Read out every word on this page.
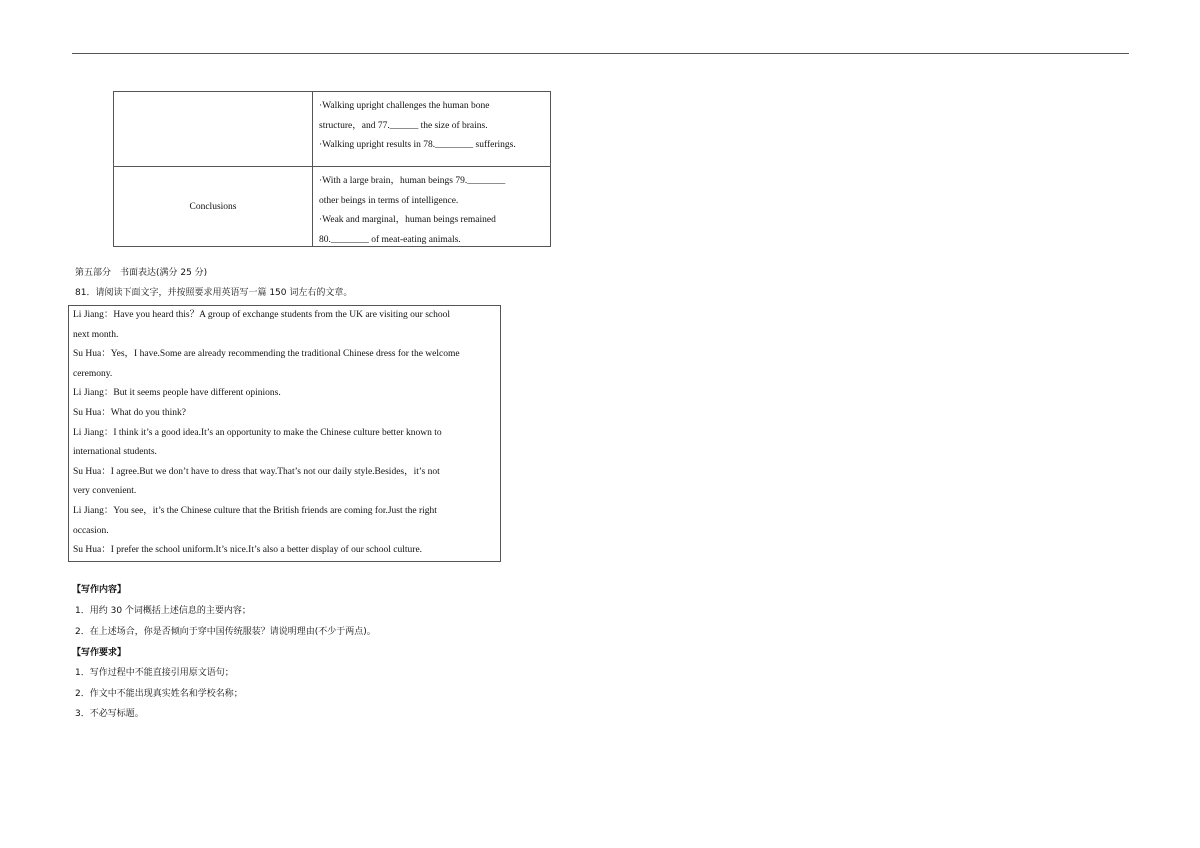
·Walking upright challenges the human bone
structure，and 77.______ the size of brains.
·Walking upright results in 78.________ sufferings.
Conclusions
·With a large brain，human beings 79.________
other beings in terms of intelligence.
·Weak and marginal，human beings remained
80.________ of meat-eating animals.
第五部分　书面表达(满分 25 分)
81．请阅读下面文字，并按照要求用英语写一篇 150 词左右的文章。
Li Jiang：Have you heard this？A group of exchange students from the UK are visiting our school
next month.
Su Hua：Yes，I have.Some are already recommending the traditional Chinese dress for the welcome
ceremony.
Li Jiang：But it seems people have different opinions.
Su Hua：What do you think?
Li Jiang：I think it’s a good idea.It’s an opportunity to make the Chinese culture better known to
international students.
Su Hua：I agree.But we don’t have to dress that way.That’s not our daily style.Besides，it’s not
very convenient.
Li Jiang：You see，it’s the Chinese culture that the British friends are coming for.Just the right
occasion.
Su Hua：I prefer the school uniform.It’s nice.It’s also a better display of our school culture.
【写作内容】
1．用约 30 个词概括上述信息的主要内容；
2．在上述场合，你是否倾向于穿中国传统服装？请说明理由(不少于两点)。
【写作要求】
1．写作过程中不能直接引用原文语句；
2．作文中不能出现真实姓名和学校名称；
3．不必写标题。
